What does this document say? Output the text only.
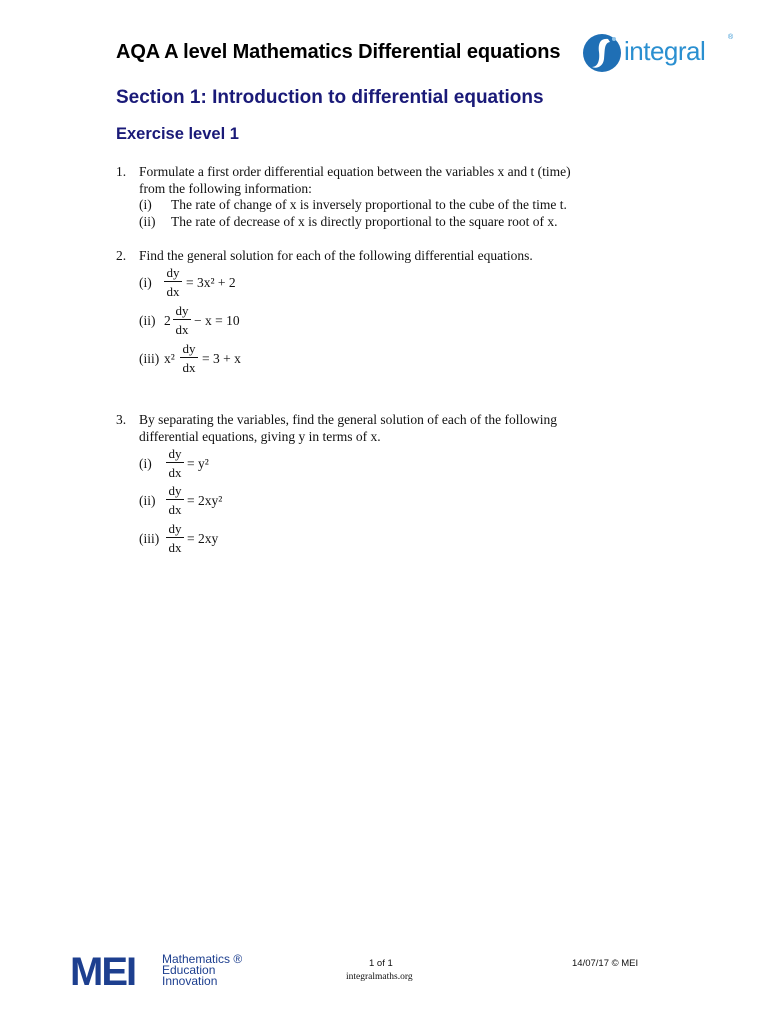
AQA A level Mathematics Differential equations integral	®
Section 1: Introduction to differential equations
Exercise level 1
1. Formulate a first order differential equation between the variables x and t (time)
from the following information:
(i) The rate of change of x is inversely proportional to the cube of the time t.
(ii) The rate of decrease of x is directly proportional to the square root of x.
2. Find the general solution for each of the following differential equations.
(i)
dy
dx
= 3x² + 2
(ii) 2
dy
dx
− x = 10
(iii) x²
dy
dx
= 3 + x
3. By separating the variables, find the general solution of each of the following
differential equations, giving y in terms of x.
(i)
dy
dx
= y²
(ii)
dy
dx
= 2xy²
(iii)
dy
dx
= 2xy
MEI Mathematics ®
Education
Innovation
1 of 1
integralmaths.org
14/07/17 © MEI
